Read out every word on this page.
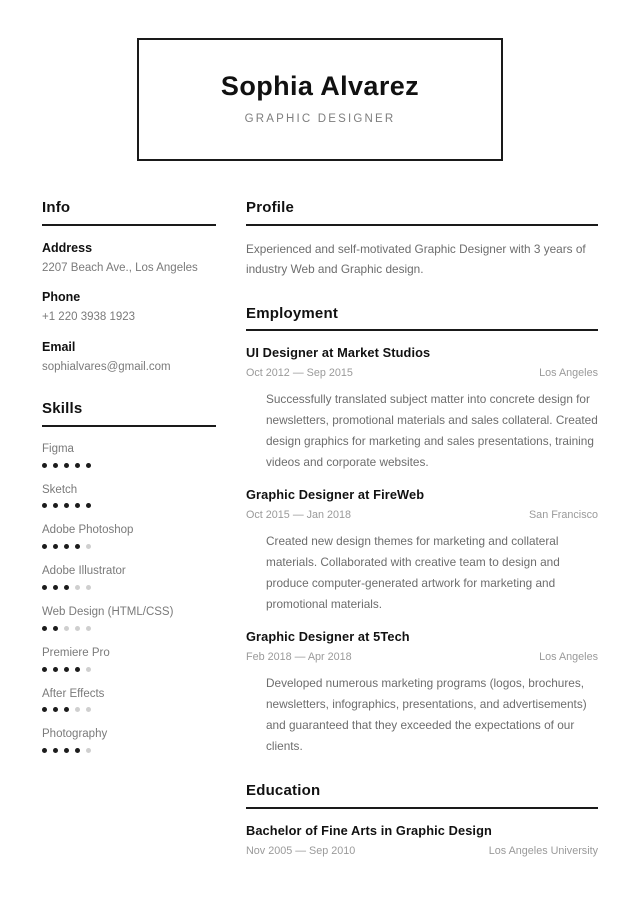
Sophia Alvarez
GRAPHIC DESIGNER
Info
Address
2207 Beach Ave., Los Angeles
Phone
+1 220 3938 1923
Email
sophialvares@gmail.com
Skills
Figma
Sketch
Adobe Photoshop
Adobe Illustrator
Web Design (HTML/CSS)
Premiere Pro
After Effects
Photography
Profile

Experienced and self-motivated Graphic Designer with 3 years of industry Web and Graphic design.

Employment
UI Designer at Market Studios
Oct 2012 — Sep 2015	Los Angeles

Successfully translated subject matter into concrete design for newsletters, promotional materials and sales collateral. Created design graphics for marketing and sales presentations, training videos and corporate websites.

Graphic Designer at FireWeb
Oct 2015 — Jan 2018	San Francisco

Created new design themes for marketing and collateral materials. Collaborated with creative team to design and produce computer-generated artwork for marketing and promotional materials.

Graphic Designer at 5Tech
Feb 2018 — Apr 2018	Los Angeles

Developed numerous marketing programs (logos, brochures, newsletters, infographics, presentations, and advertisements) and guaranteed that they exceeded the expectations of our clients.

Education
Bachelor of Fine Arts in Graphic Design
Nov 2005 — Sep 2010	Los Angeles University
